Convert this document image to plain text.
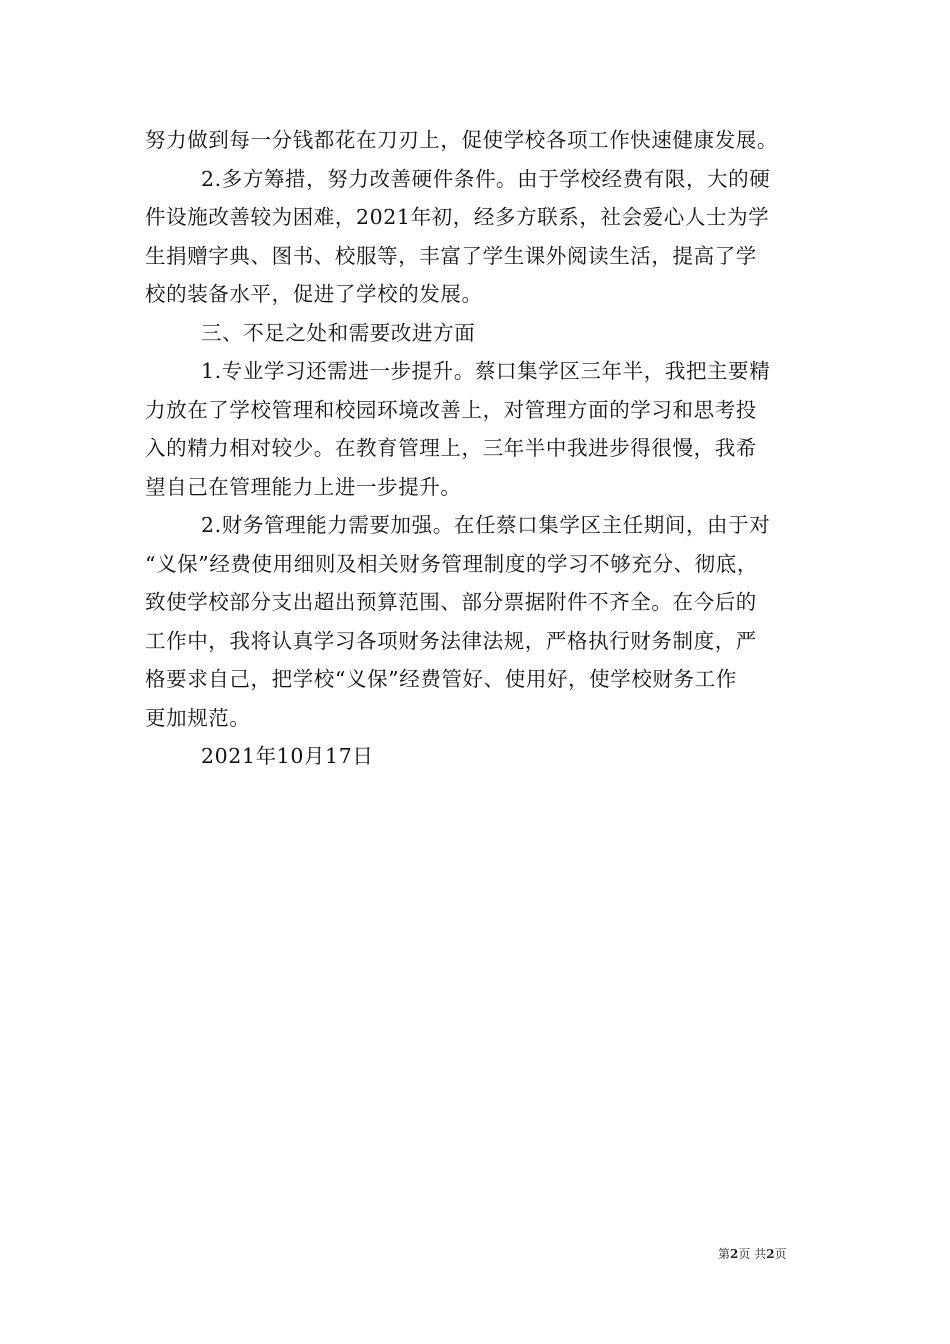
努力做到每一分钱都花在刀刃上，促使学校各项工作快速健康发展。
2.多方筹措，努力改善硬件条件。由于学校经费有限，大的硬
件设施改善较为困难，2021年初，经多方联系，社会爱心人士为学
生捐赠字典、图书、校服等，丰富了学生课外阅读生活，提高了学
校的装备水平，促进了学校的发展。
三、不足之处和需要改进方面
1.专业学习还需进一步提升。蔡口集学区三年半，我把主要精
力放在了学校管理和校园环境改善上，对管理方面的学习和思考投
入的精力相对较少。在教育管理上，三年半中我进步得很慢，我希
望自己在管理能力上进一步提升。
2.财务管理能力需要加强。在任蔡口集学区主任期间，由于对
“义保”经费使用细则及相关财务管理制度的学习不够充分、彻底，
致使学校部分支出超出预算范围、部分票据附件不齐全。在今后的
工作中，我将认真学习各项财务法律法规，严格执行财务制度，严
格要求自己，把学校“义保”经费管好、使用好，使学校财务工作
更加规范。
2021年10月17日
第2页 共2页
